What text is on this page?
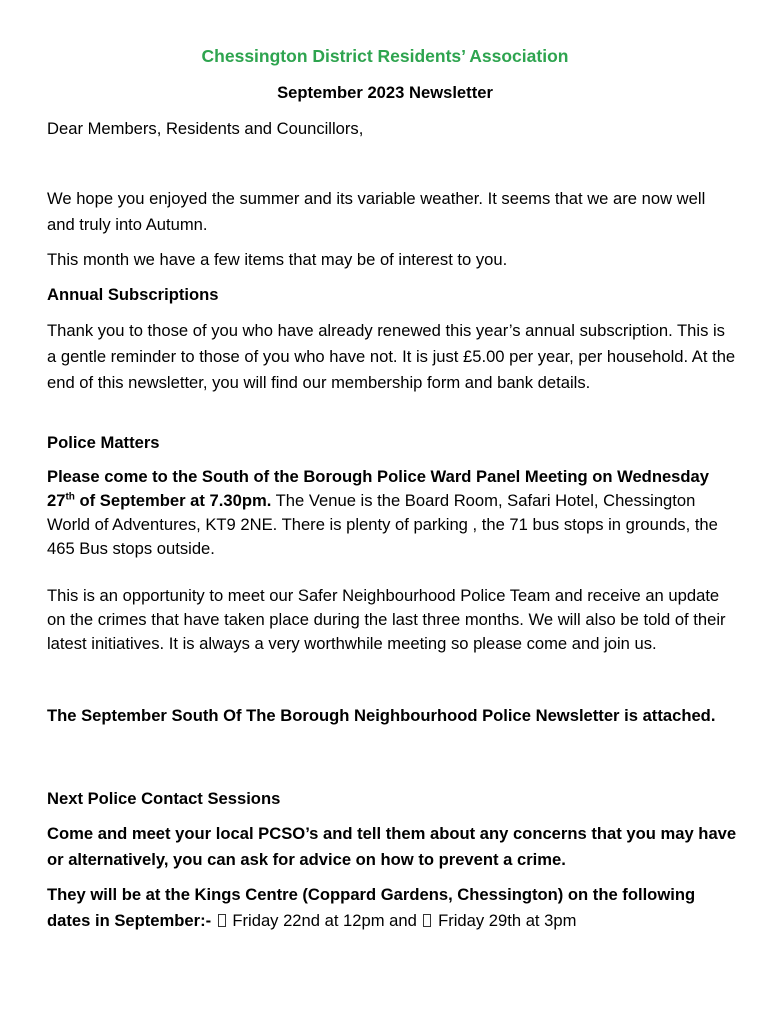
Chessington District Residents’ Association
September 2023 Newsletter

Dear Members, Residents and Councillors,

We hope you enjoyed the summer and its variable weather. It seems that we are now well and truly into Autumn.

This month we have a few items that may be of interest to you.

Annual Subscriptions

Thank you to those of you who have already renewed this year’s annual subscription. This is a gentle reminder to those of you who have not. It is just £5.00 per year, per household. At the end of this newsletter, you will find our membership form and bank details.

Police Matters

Please come to the South of the Borough Police Ward Panel Meeting on Wednesday 27th of September at 7.30pm. The Venue is the Board Room, Safari Hotel, Chessington World of Adventures, KT9 2NE. There is plenty of parking , the 71 bus stops in grounds, the 465 Bus stops outside.

This is an opportunity to meet our Safer Neighbourhood Police Team and receive an update on the crimes that have taken place during the last three months. We will also be told of their latest initiatives. It is always a very worthwhile meeting so please come and join us.

The September South Of The Borough Neighbourhood Police Newsletter is attached.

Next Police Contact Sessions

Come and meet your local PCSO’s and tell them about any concerns that you may have or alternatively, you can ask for advice on how to prevent a crime.

They will be at the Kings Centre (Coppard Gardens, Chessington) on the following dates in September:-  Friday 22nd at 12pm and  Friday 29th at 3pm
